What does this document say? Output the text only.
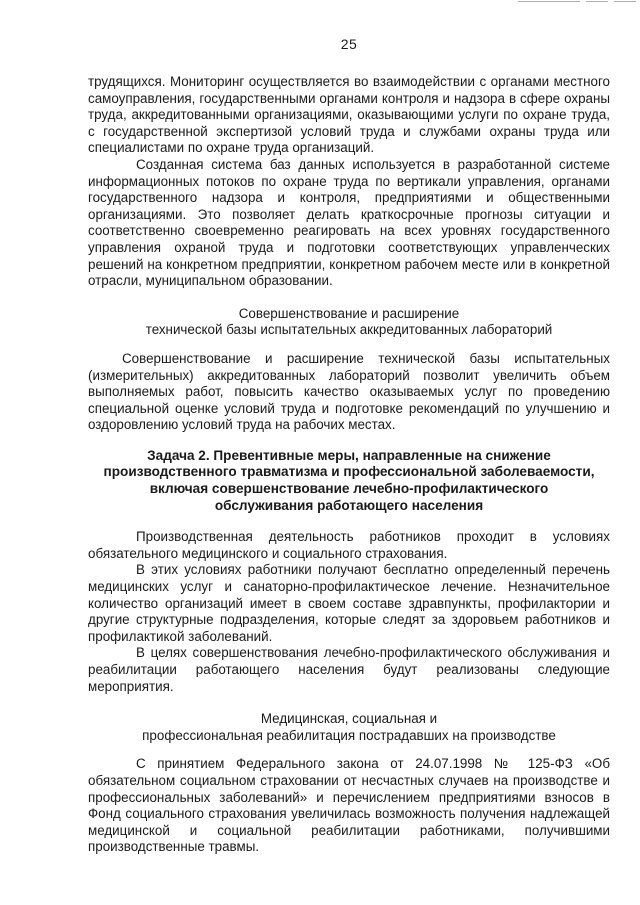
25

трудящихся. Мониторинг осуществляется во взаимодействии с органами местного самоуправления, государственными органами контроля и надзора в сфере охраны труда, аккредитованными организациями, оказывающими услуги по охране труда, с государственной экспертизой условий труда и службами охраны труда или специалистами по охране труда организаций.

Созданная система баз данных используется в разработанной системе информационных потоков по охране труда по вертикали управления, органами государственного надзора и контроля, предприятиями и общественными организациями. Это позволяет делать краткосрочные прогнозы ситуации и соответственно своевременно реагировать на всех уровнях государственного управления охраной труда и подготовки соответствующих управленческих решений на конкретном предприятии, конкретном рабочем месте или в конкретной отрасли, муниципальном образовании.

Совершенствование и расширение
технической базы испытательных аккредитованных лабораторий

Совершенствование и расширение технической базы испытательных (измерительных) аккредитованных лабораторий позволит увеличить объем выполняемых работ, повысить качество оказываемых услуг по проведению специальной оценке условий труда и подготовке рекомендаций по улучшению и оздоровлению условий труда на рабочих местах.

Задача 2. Превентивные меры, направленные на снижение
производственного травматизма и профессиональной заболеваемости,
включая совершенствование лечебно-профилактического
обслуживания работающего населения

Производственная деятельность работников проходит в условиях обязательного медицинского и социального страхования.

В этих условиях работники получают бесплатно определенный перечень медицинских услуг и санаторно-профилактическое лечение. Незначительное количество организаций имеет в своем составе здравпункты, профилактории и другие структурные подразделения, которые следят за здоровьем работников и профилактикой заболеваний.

В целях совершенствования лечебно-профилактического обслуживания и реабилитации работающего населения будут реализованы следующие мероприятия.

Медицинская, социальная и
профессиональная реабилитация пострадавших на производстве

С принятием Федерального закона от 24.07.1998 № 125-ФЗ «Об обязательном социальном страховании от несчастных случаев на производстве и профессиональных заболеваний» и перечислением предприятиями взносов в Фонд социального страхования увеличилась возможность получения надлежащей медицинской и социальной реабилитации работниками, получившими производственные травмы.
